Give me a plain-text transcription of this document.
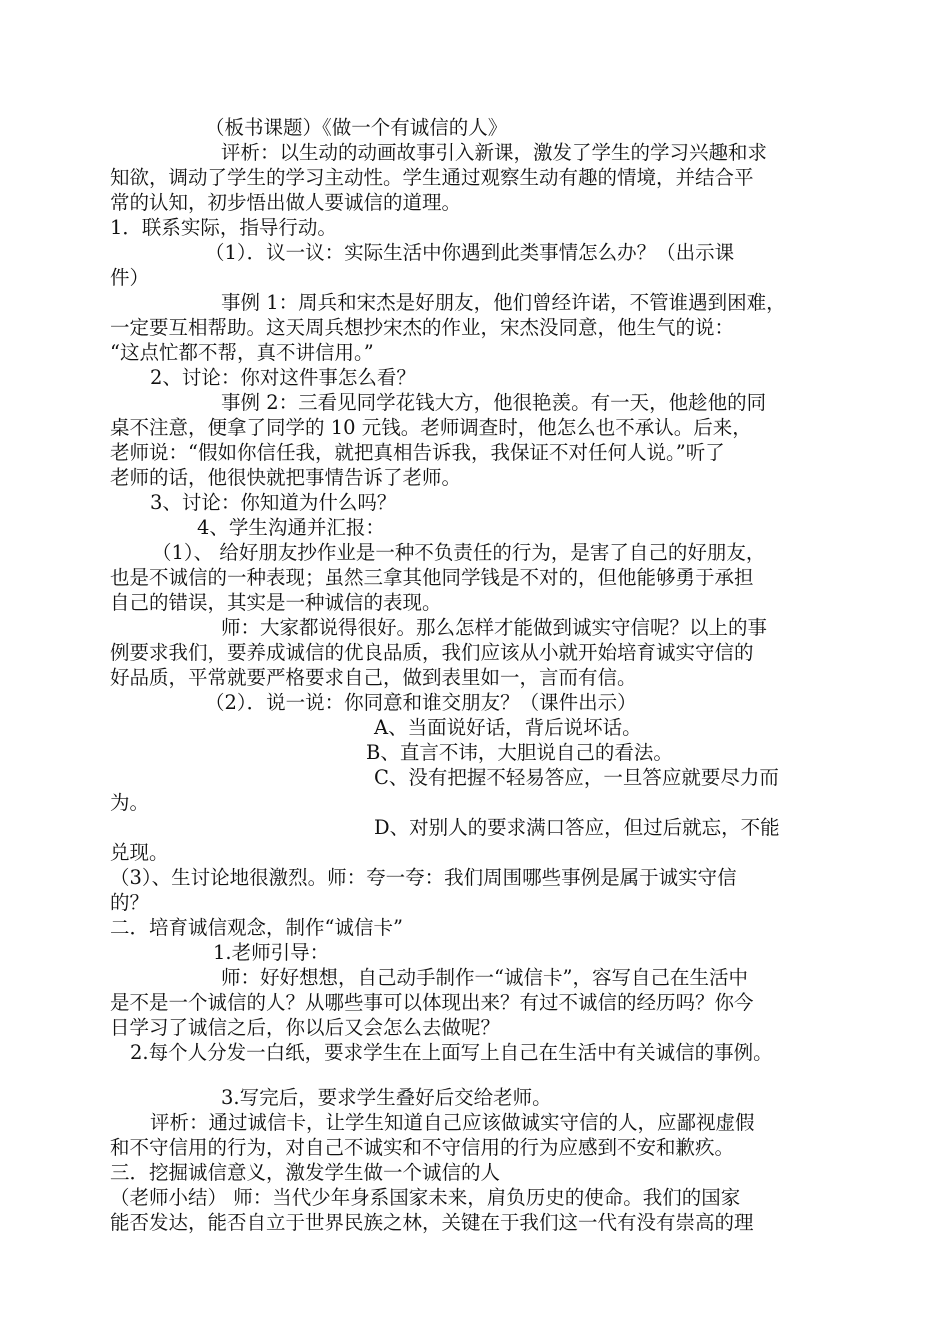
（板书课题）《做一个有诚信的人》
评析：以生动的动画故事引入新课，激发了学生的学习兴趣和求
知欲，调动了学生的学习主动性。学生通过观察生动有趣的情境，并结合平
常的认知，初步悟出做人要诚信的道理。
1．联系实际，指导行动。
（1）．议一议：实际生活中你遇到此类事情怎么办？（出示课
件）
事例 1：周兵和宋杰是好朋友，他们曾经许诺，不管谁遇到困难，
一定要互相帮助。这天周兵想抄宋杰的作业，宋杰没同意，他生气的说：
“这点忙都不帮，真不讲信用。”
2、讨论：你对这件事怎么看？
事例 2：三看见同学花钱大方，他很艳羡。有一天，他趁他的同
桌不注意，便拿了同学的 10 元钱。老师调查时，他怎么也不承认。后来，
老师说：“假如你信任我，就把真相告诉我，我保证不对任何人说。”听了
老师的话，他很快就把事情告诉了老师。
3、讨论：你知道为什么吗？
4、学生沟通并汇报：
（1）、 给好朋友抄作业是一种不负责任的行为，是害了自己的好朋友，
也是不诚信的一种表现；虽然三拿其他同学钱是不对的，但他能够勇于承担
自己的错误，其实是一种诚信的表现。
师：大家都说得很好。那么怎样才能做到诚实守信呢？以上的事
例要求我们，要养成诚信的优良品质，我们应该从小就开始培育诚实守信的
好品质，平常就要严格要求自己，做到表里如一，言而有信。
（2）．说一说：你同意和谁交朋友？（课件出示）
A、当面说好话，背后说坏话。
B、直言不讳，大胆说自己的看法。
C、没有把握不轻易答应，一旦答应就要尽力而
为。
D、对别人的要求满口答应，但过后就忘，不能
兑现。
（3）、生讨论地很激烈。师：夸一夸：我们周围哪些事例是属于诚实守信
的？
二．培育诚信观念，制作“诚信卡”
1.老师引导：
师：好好想想，自己动手制作一“诚信卡”，容写自己在生活中
是不是一个诚信的人？从哪些事可以体现出来？有过不诚信的经历吗？你今
日学习了诚信之后，你以后又会怎么去做呢？
2.每个人分发一白纸，要求学生在上面写上自己在生活中有关诚信的事例。
3.写完后，要求学生叠好后交给老师。
评析：通过诚信卡，让学生知道自己应该做诚实守信的人，应鄙视虚假
和不守信用的行为，对自己不诚实和不守信用的行为应感到不安和歉疚。
三．挖掘诚信意义，激发学生做一个诚信的人
（老师小结） 师：当代少年身系国家未来，肩负历史的使命。我们的国家
能否发达，能否自立于世界民族之林，关键在于我们这一代有没有崇高的理
